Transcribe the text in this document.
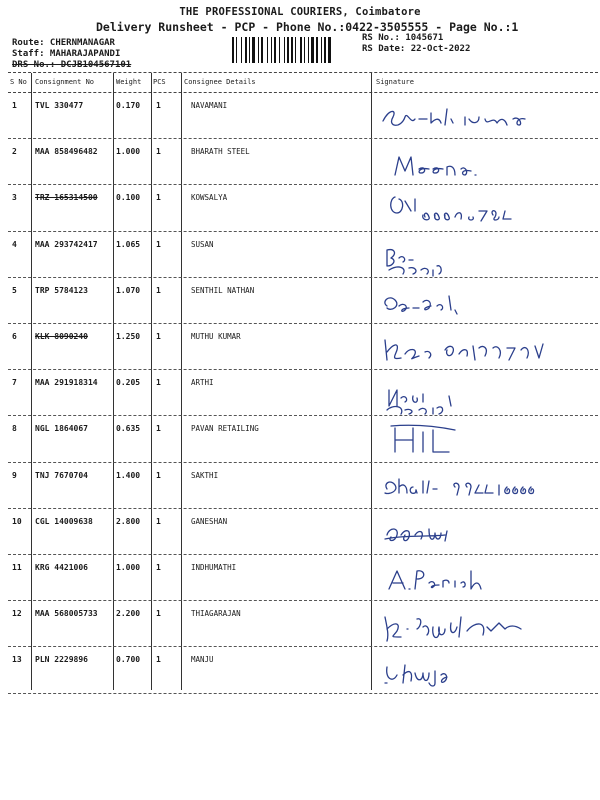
THE PROFESSIONAL COURIERS, Coimbatore
Delivery Runsheet - PCP - Phone No.:0422-3505555 - Page No.:1
Route: CHERNMANAGAR
Staff: MAHARAJAPANDI
DRS No.: DCJB104567101
RS No.: 1045671
RS Date: 22-Oct-2022
S No Consignment No	Weight PCS	Consignee Details	Signature
1 TVL 330477	0.170 1	NAVAMANI
2 MAA 858496482 1.000 1	BHARATH STEEL
3 TRZ 165314500 0.100 1	KOWSALYA
4 MAA 293742417 1.065 1	SUSAN
5 TRP 5784123	1.070 1	SENTHIL NATHAN
6 KLK 8090240	1.250 1	MUTHU KUMAR
7 MAA 291918314 0.205 1	ARTHI
8 NGL 1864067	0.635 1	PAVAN RETAILING
9 TNJ 7670704	1.400 1	SAKTHI
10 CGL 14009638	2.800 1	GANESHAN
11 KRG 4421006	1.000 1	INDHUMATHI
12 MAA 568005733 2.200 1	THIAGARAJAN
13 PLN 2229896	0.700 1	MANJU
